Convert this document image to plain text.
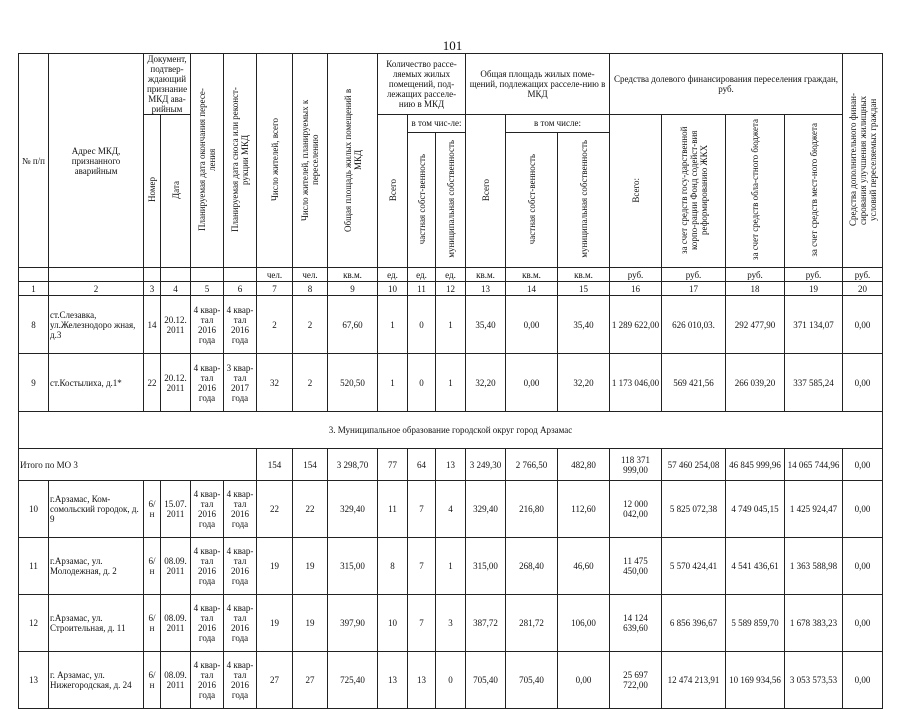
101
№ п/п	Адрес МКД, признанного аварийным	Документ, подтвер-ждающий признание МКД ава-рийным		Планируемая дата окончания пересе-ления	Планируемая дата сноса или реконст-рукции МКД	Число жителей, всего	Число жителей, планируемых к переселению	Общая площадь жилых помещений в МКД	Количество рассе-ляемых жилых помещений, под-лежащих расселе-нию в МКД			Общая площадь жилых поме-щений, подлежащих расселе-нию в МКД			Средства долевого финансирования переселения граждан, руб.				Средства дополнительного финан-сирования улучшения жилищных условий переселяемых граждан
		Номер	Дата						Всего	в том чис-ле:		Всего	в том числе:		Всего:	за счет средств госу-дарственной корпо-рации Фонд содейст-вия реформированию ЖКХ	за счет средств обла-стного бюджета	за счет средств мест-ного бюджета	
										частная собст-венность	муниципальная собственность		частная собст-венность	муниципальная собственность					
						чел.	чел.	кв.м.	ед.	ед.	ед.	кв.м.	кв.м.	кв.м.	руб.	руб.	руб.	руб.	руб.
1	2	3	4	5	6	7	8	9	10	11	12	13	14	15	16	17	18	19	20
8	ст.Слезавка, ул.Железнодоро жная, д.3	14	20.12. 2011	4 квар-тал 2016 года	4 квар-тал 2016 года	2	2	67,60	1	0	1	35,40	0,00	35,40	1 289 622,00	626 010,03.	292 477,90	371 134,07	0,00
9	ст.Костылиха, д.1*	22	20.12. 2011	4 квар-тал 2016 года	3 квар-тал 2017 года	32	2	520,50	1	0	1	32,20	0,00	32,20	1 173 046,00	569 421,56	266 039,20	337 585,24	0,00
3. Муниципальное образование городской округ город Арзамас																			
Итого по МО 3						154	154	3 298,70	77	64	13	3 249,30	2 766,50	482,80	118 371 999,00	57 460 254,08	46 845 999,96	14 065 744,96	0,00
10	г.Арзамас, Ком-сомольский городок, д. 9	6/ н	15.07. 2011	4 квар-тал 2016 года	4 квар-тал 2016 года	22	22	329,40	11	7	4	329,40	216,80	112,60	12 000 042,00	5 825 072,38	4 749 045,15	1 425 924,47	0,00
11	г.Арзамас, ул. Молодежная, д. 2	6/ н	08.09. 2011	4 квар-тал 2016 года	4 квар-тал 2016 года	19	19	315,00	8	7	1	315,00	268,40	46,60	11 475 450,00	5 570 424,41	4 541 436,61	1 363 588,98	0,00
12	г.Арзамас, ул. Строительная, д. 11	6/ н	08.09. 2011	4 квар-тал 2016 года	4 квар-тал 2016 года	19	19	397,90	10	7	3	387,72	281,72	106,00	14 124 639,60	6 856 396,67	5 589 859,70	1 678 383,23	0,00
13	г. Арзамас, ул. Нижегородская, д. 24	6/ н	08.09. 2011	4 квар-тал 2016 года	4 квар-тал 2016 года	27	27	725,40	13	13	0	705,40	705,40	0,00	25 697 722,00	12 474 213,91	10 169 934,56	3 053 573,53	0,00
